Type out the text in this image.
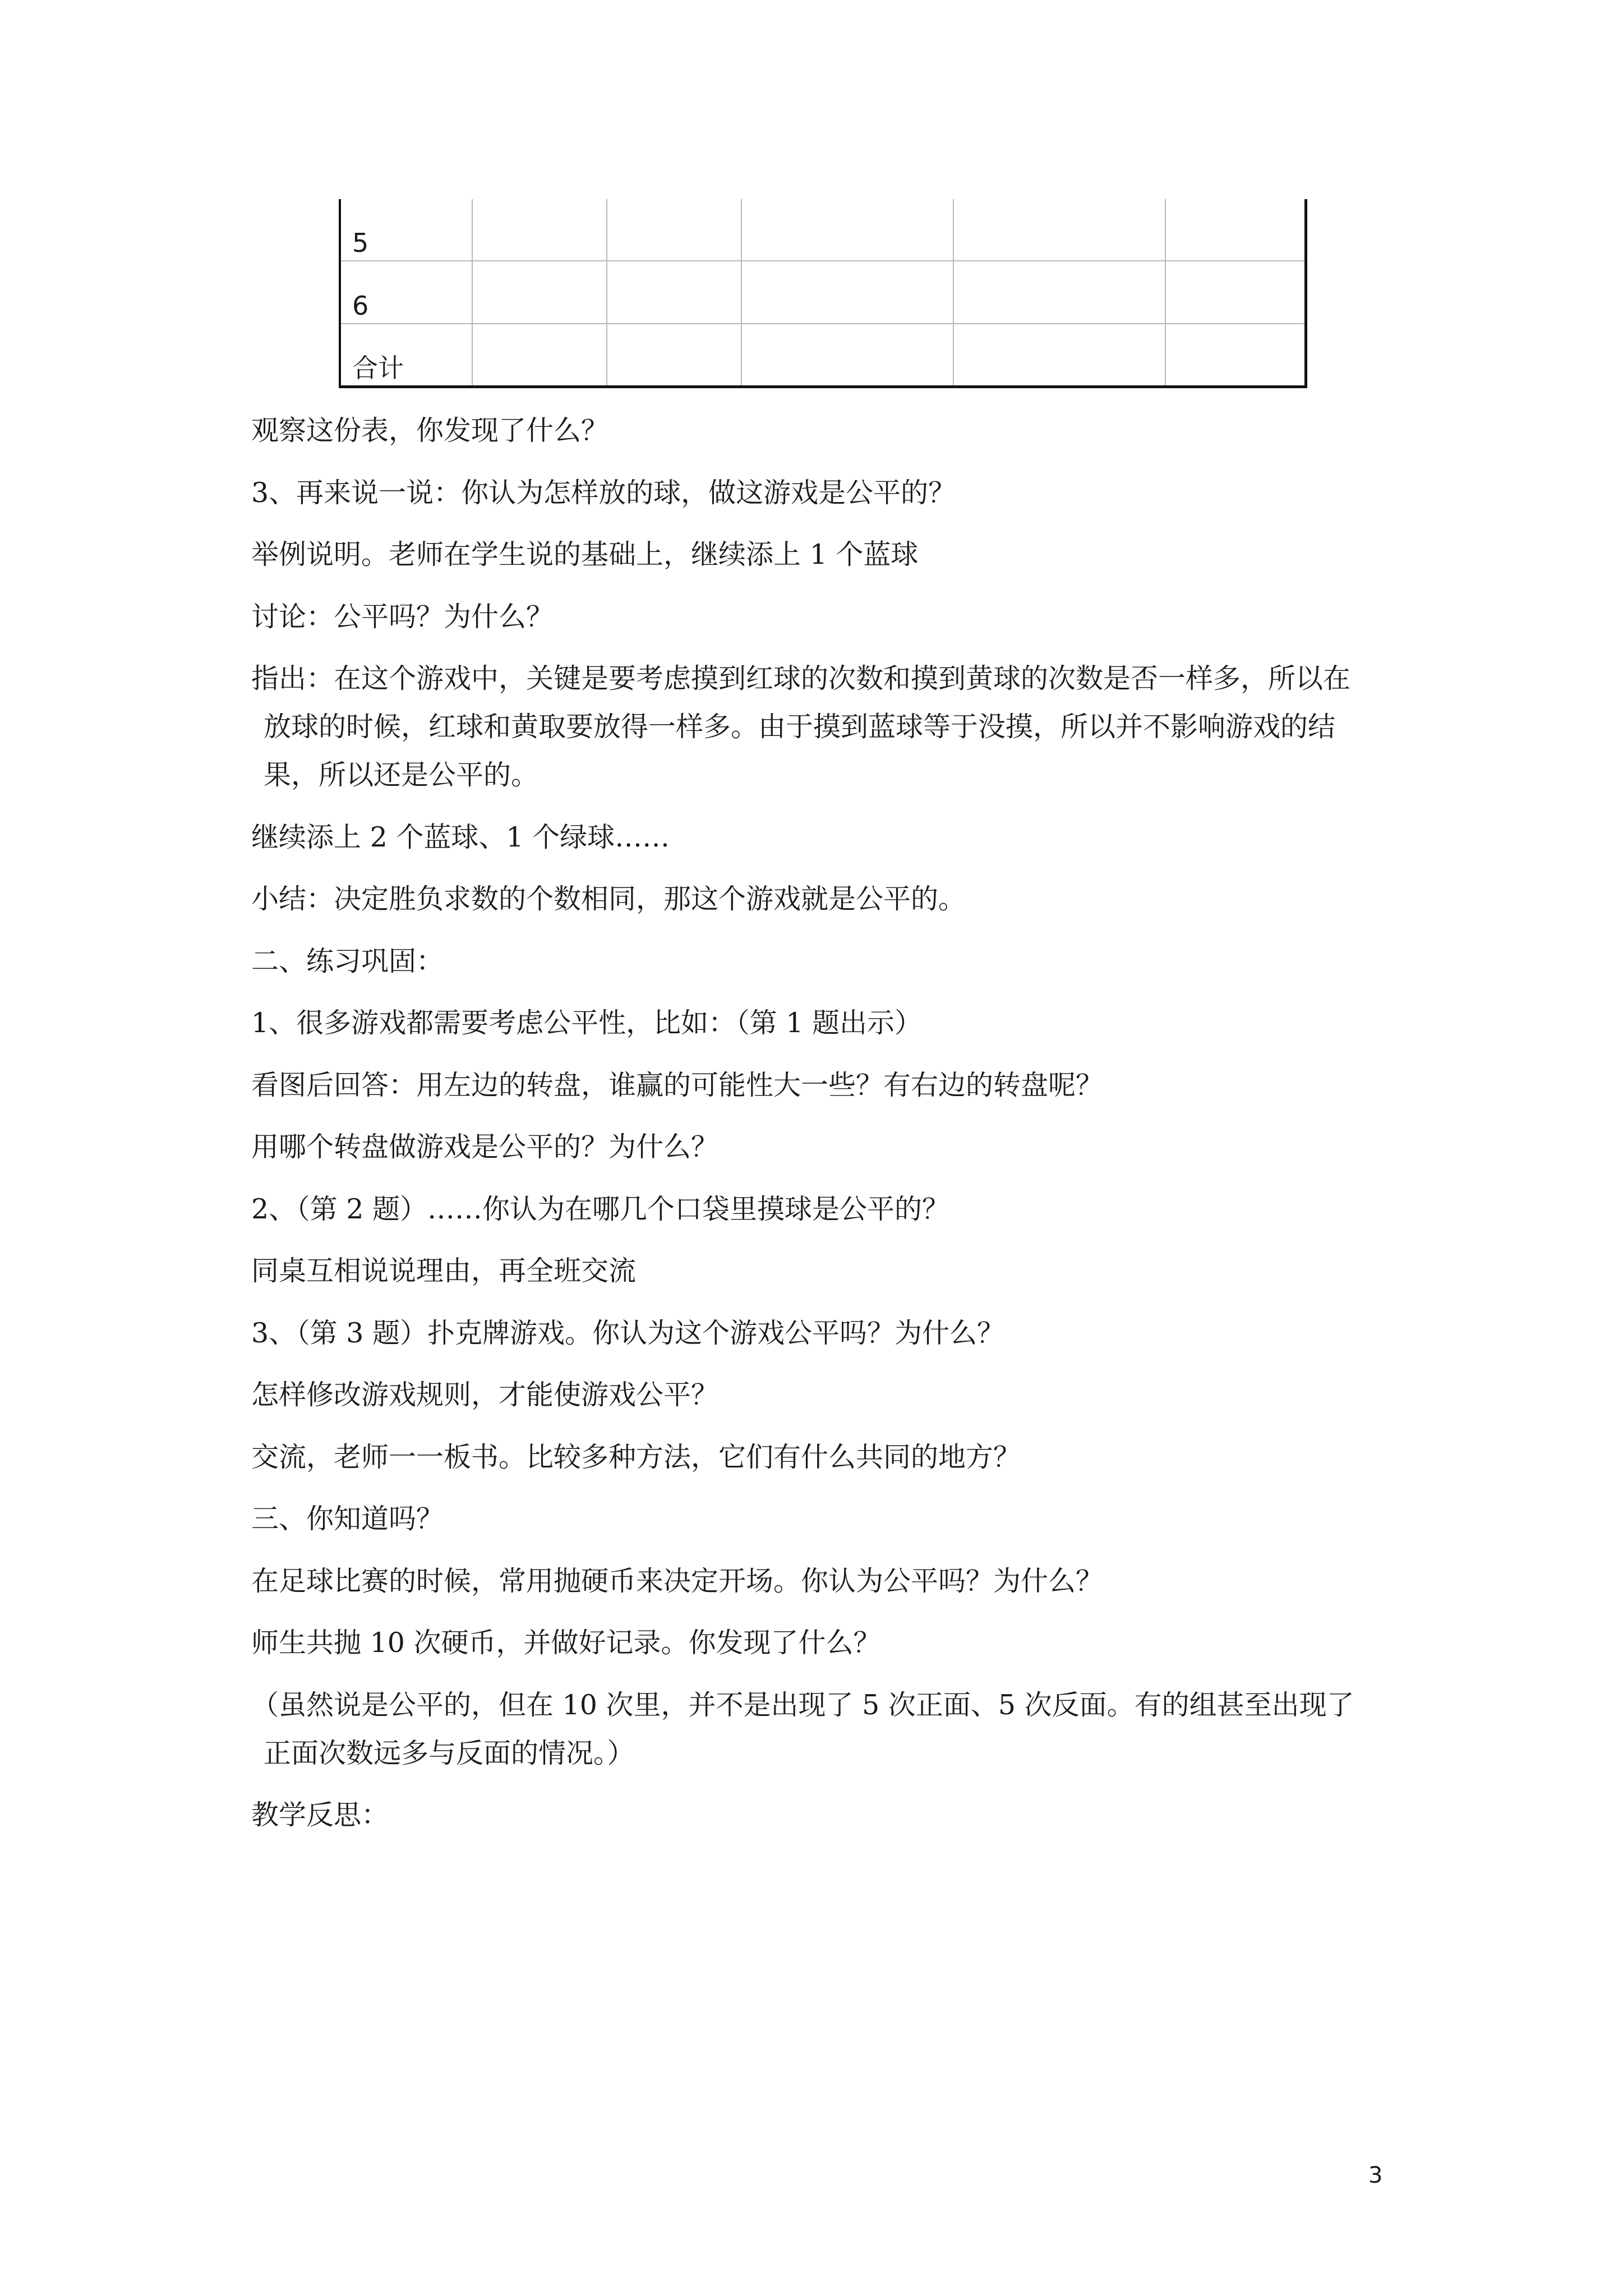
5					
6					
合计					
观察这份表，你发现了什么？
3、再来说一说：你认为怎样放的球，做这游戏是公平的？
举例说明。老师在学生说的基础上，继续添上 1 个蓝球
讨论：公平吗？为什么？
指出：在这个游戏中，关键是要考虑摸到红球的次数和摸到黄球的次数是否一样多，所以在
放球的时候，红球和黄取要放得一样多。由于摸到蓝球等于没摸，所以并不影响游戏的结
果，所以还是公平的。
继续添上 2 个蓝球、1 个绿球……
小结：决定胜负求数的个数相同，那这个游戏就是公平的。
二、练习巩固：
1、很多游戏都需要考虑公平性，比如：（第 1 题出示）
看图后回答：用左边的转盘，谁赢的可能性大一些？有右边的转盘呢？
用哪个转盘做游戏是公平的？为什么？
2、（第 2 题）……你认为在哪几个口袋里摸球是公平的？
同桌互相说说理由，再全班交流
3、（第 3 题）扑克牌游戏。你认为这个游戏公平吗？为什么？
怎样修改游戏规则，才能使游戏公平？
交流，老师一一板书。比较多种方法，它们有什么共同的地方？
三、你知道吗？
在足球比赛的时候，常用抛硬币来决定开场。你认为公平吗？为什么？
师生共抛 10 次硬币，并做好记录。你发现了什么？
（虽然说是公平的，但在 10 次里，并不是出现了 5 次正面、5 次反面。有的组甚至出现了
正面次数远多与反面的情况。）
教学反思：
3
